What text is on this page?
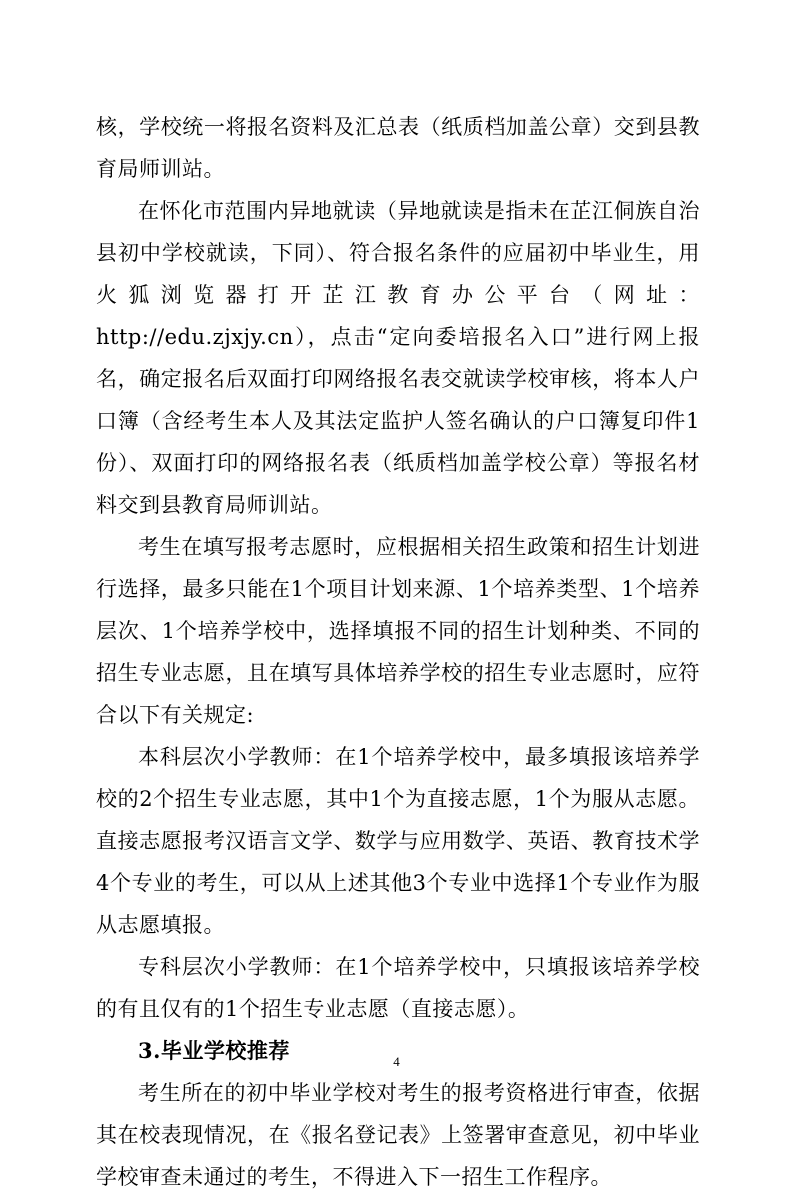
核，学校统一将报名资料及汇总表（纸质档加盖公章）交到县教育局师训站。

在怀化市范围内异地就读（异地就读是指未在芷江侗族自治县初中学校就读，下同）、符合报名条件的应届初中毕业生，用火狐浏览器打开芷江教育办公平台（网址：http://edu.zjxjy.cn），点击“定向委培报名入口”进行网上报名，确定报名后双面打印网络报名表交就读学校审核，将本人户口簿（含经考生本人及其法定监护人签名确认的户口簿复印件1份）、双面打印的网络报名表（纸质档加盖学校公章）等报名材料交到县教育局师训站。

考生在填写报考志愿时，应根据相关招生政策和招生计划进行选择，最多只能在1个项目计划来源、1个培养类型、1个培养层次、1个培养学校中，选择填报不同的招生计划种类、不同的招生专业志愿，且在填写具体培养学校的招生专业志愿时，应符合以下有关规定:

本科层次小学教师：在1个培养学校中，最多填报该培养学校的2个招生专业志愿，其中1个为直接志愿，1个为服从志愿。直接志愿报考汉语言文学、数学与应用数学、英语、教育技术学4个专业的考生，可以从上述其他3个专业中选择1个专业作为服从志愿填报。

专科层次小学教师：在1个培养学校中，只填报该培养学校的有且仅有的1个招生专业志愿（直接志愿）。

3.毕业学校推荐

考生所在的初中毕业学校对考生的报考资格进行审查，依据其在校表现情况，在《报名登记表》上签署审查意见，初中毕业学校审查未通过的考生，不得进入下一招生工作程序。

4
